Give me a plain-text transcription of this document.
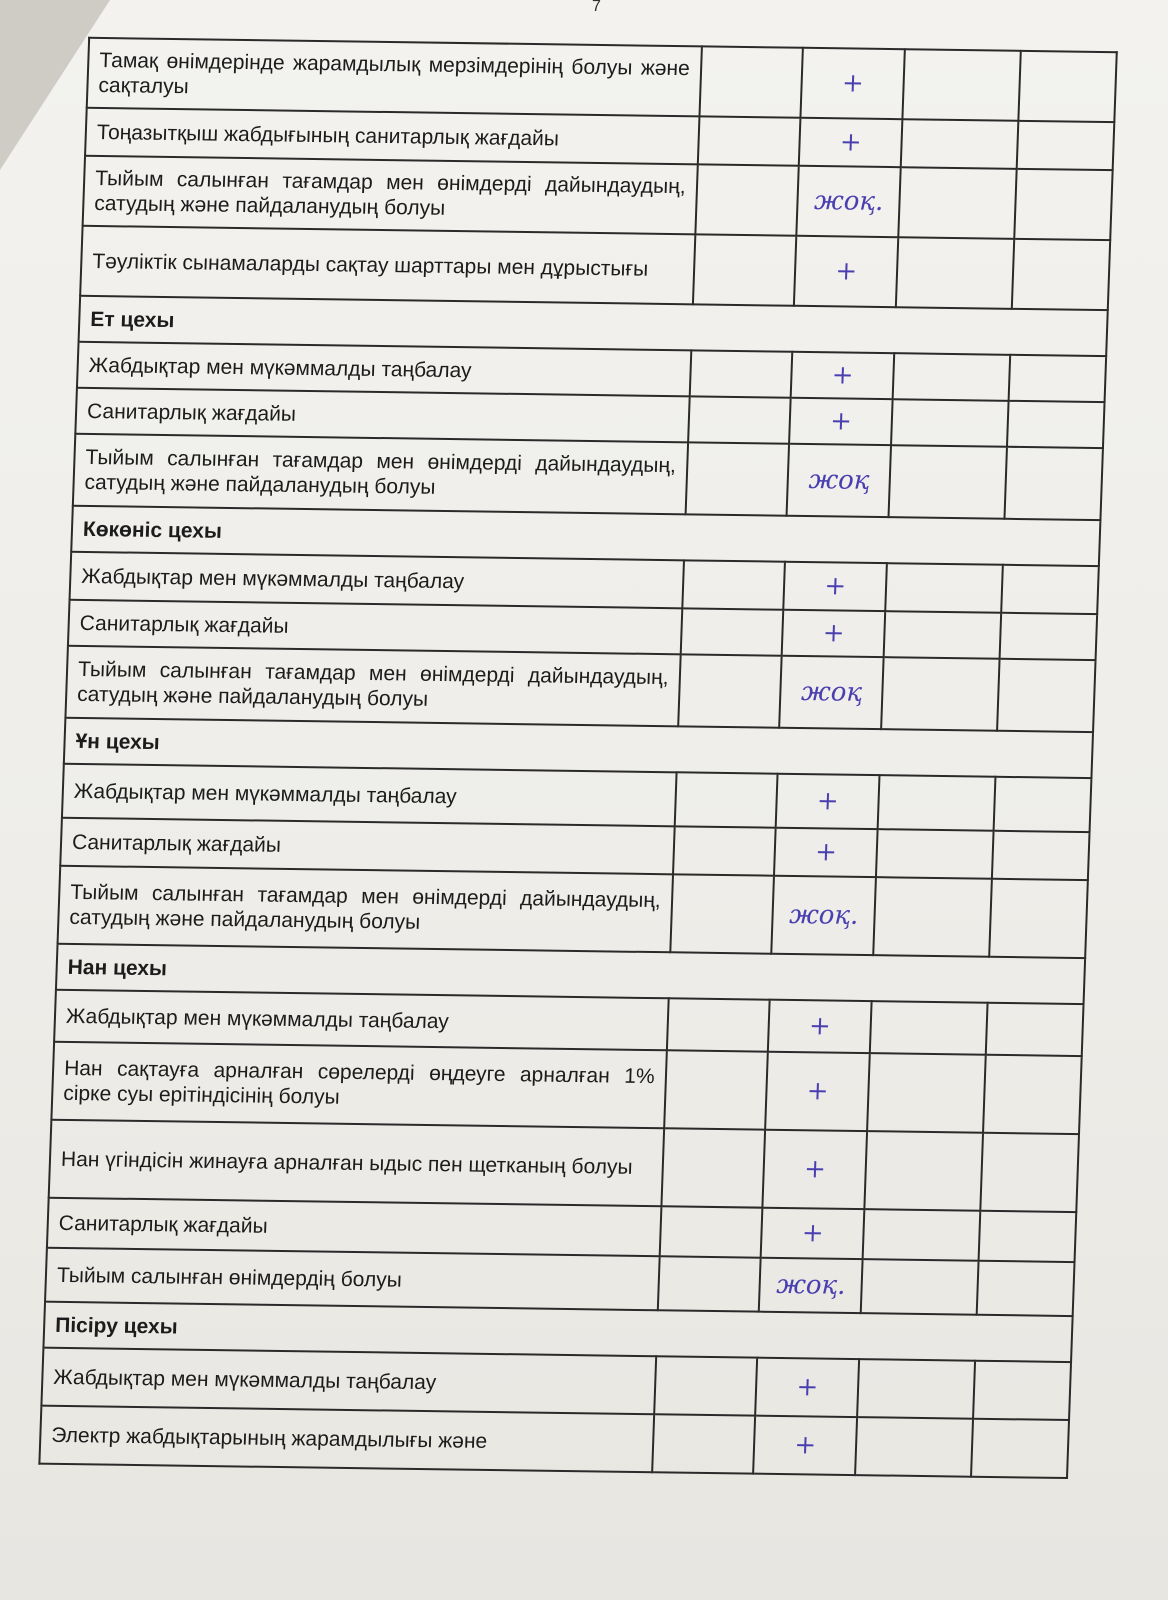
7
Тамақ өнімдерінде жарамдылық мерзімдерінің болуы және сақталуы		+		
Тоңазытқыш жабдығының санитарлық жағдайы		+		
Тыйым салынған тағамдар мен өнімдерді дайындаудың, сатудың және пайдаланудың болуы		жоқ.		
Тәуліктік сынамаларды сақтау шарттары мен дұрыстығы		+		
Ет цехы				
Жабдықтар мен мүкәммалды таңбалау		+		
Санитарлық жағдайы		+		
Тыйым салынған тағамдар мен өнімдерді дайындаудың, сатудың және пайдаланудың болуы		жоқ		
Көкөніс цехы				
Жабдықтар мен мүкәммалды таңбалау		+		
Санитарлық жағдайы		+		
Тыйым салынған тағамдар мен өнімдерді дайындаудың, сатудың және пайдаланудың болуы		жоқ		
Ұн цехы				
Жабдықтар мен мүкәммалды таңбалау		+		
Санитарлық жағдайы		+		
Тыйым салынған тағамдар мен өнімдерді дайындаудың, сатудың және пайдаланудың болуы		жоқ.		
Нан цехы				
Жабдықтар мен мүкәммалды таңбалау		+		
Нан сақтауға арналған сөрелерді өңдеуге арналған 1% сірке суы ерітіндісінің болуы		+		
Нан үгіндісін жинауға арналған ыдыс пен щетканың болуы		+		
Санитарлық жағдайы		+		
Тыйым салынған өнімдердің болуы		жоқ.		
Пісіру цехы				
Жабдықтар мен мүкәммалды таңбалау		+		
Электр жабдықтарының жарамдылығы және		+		
